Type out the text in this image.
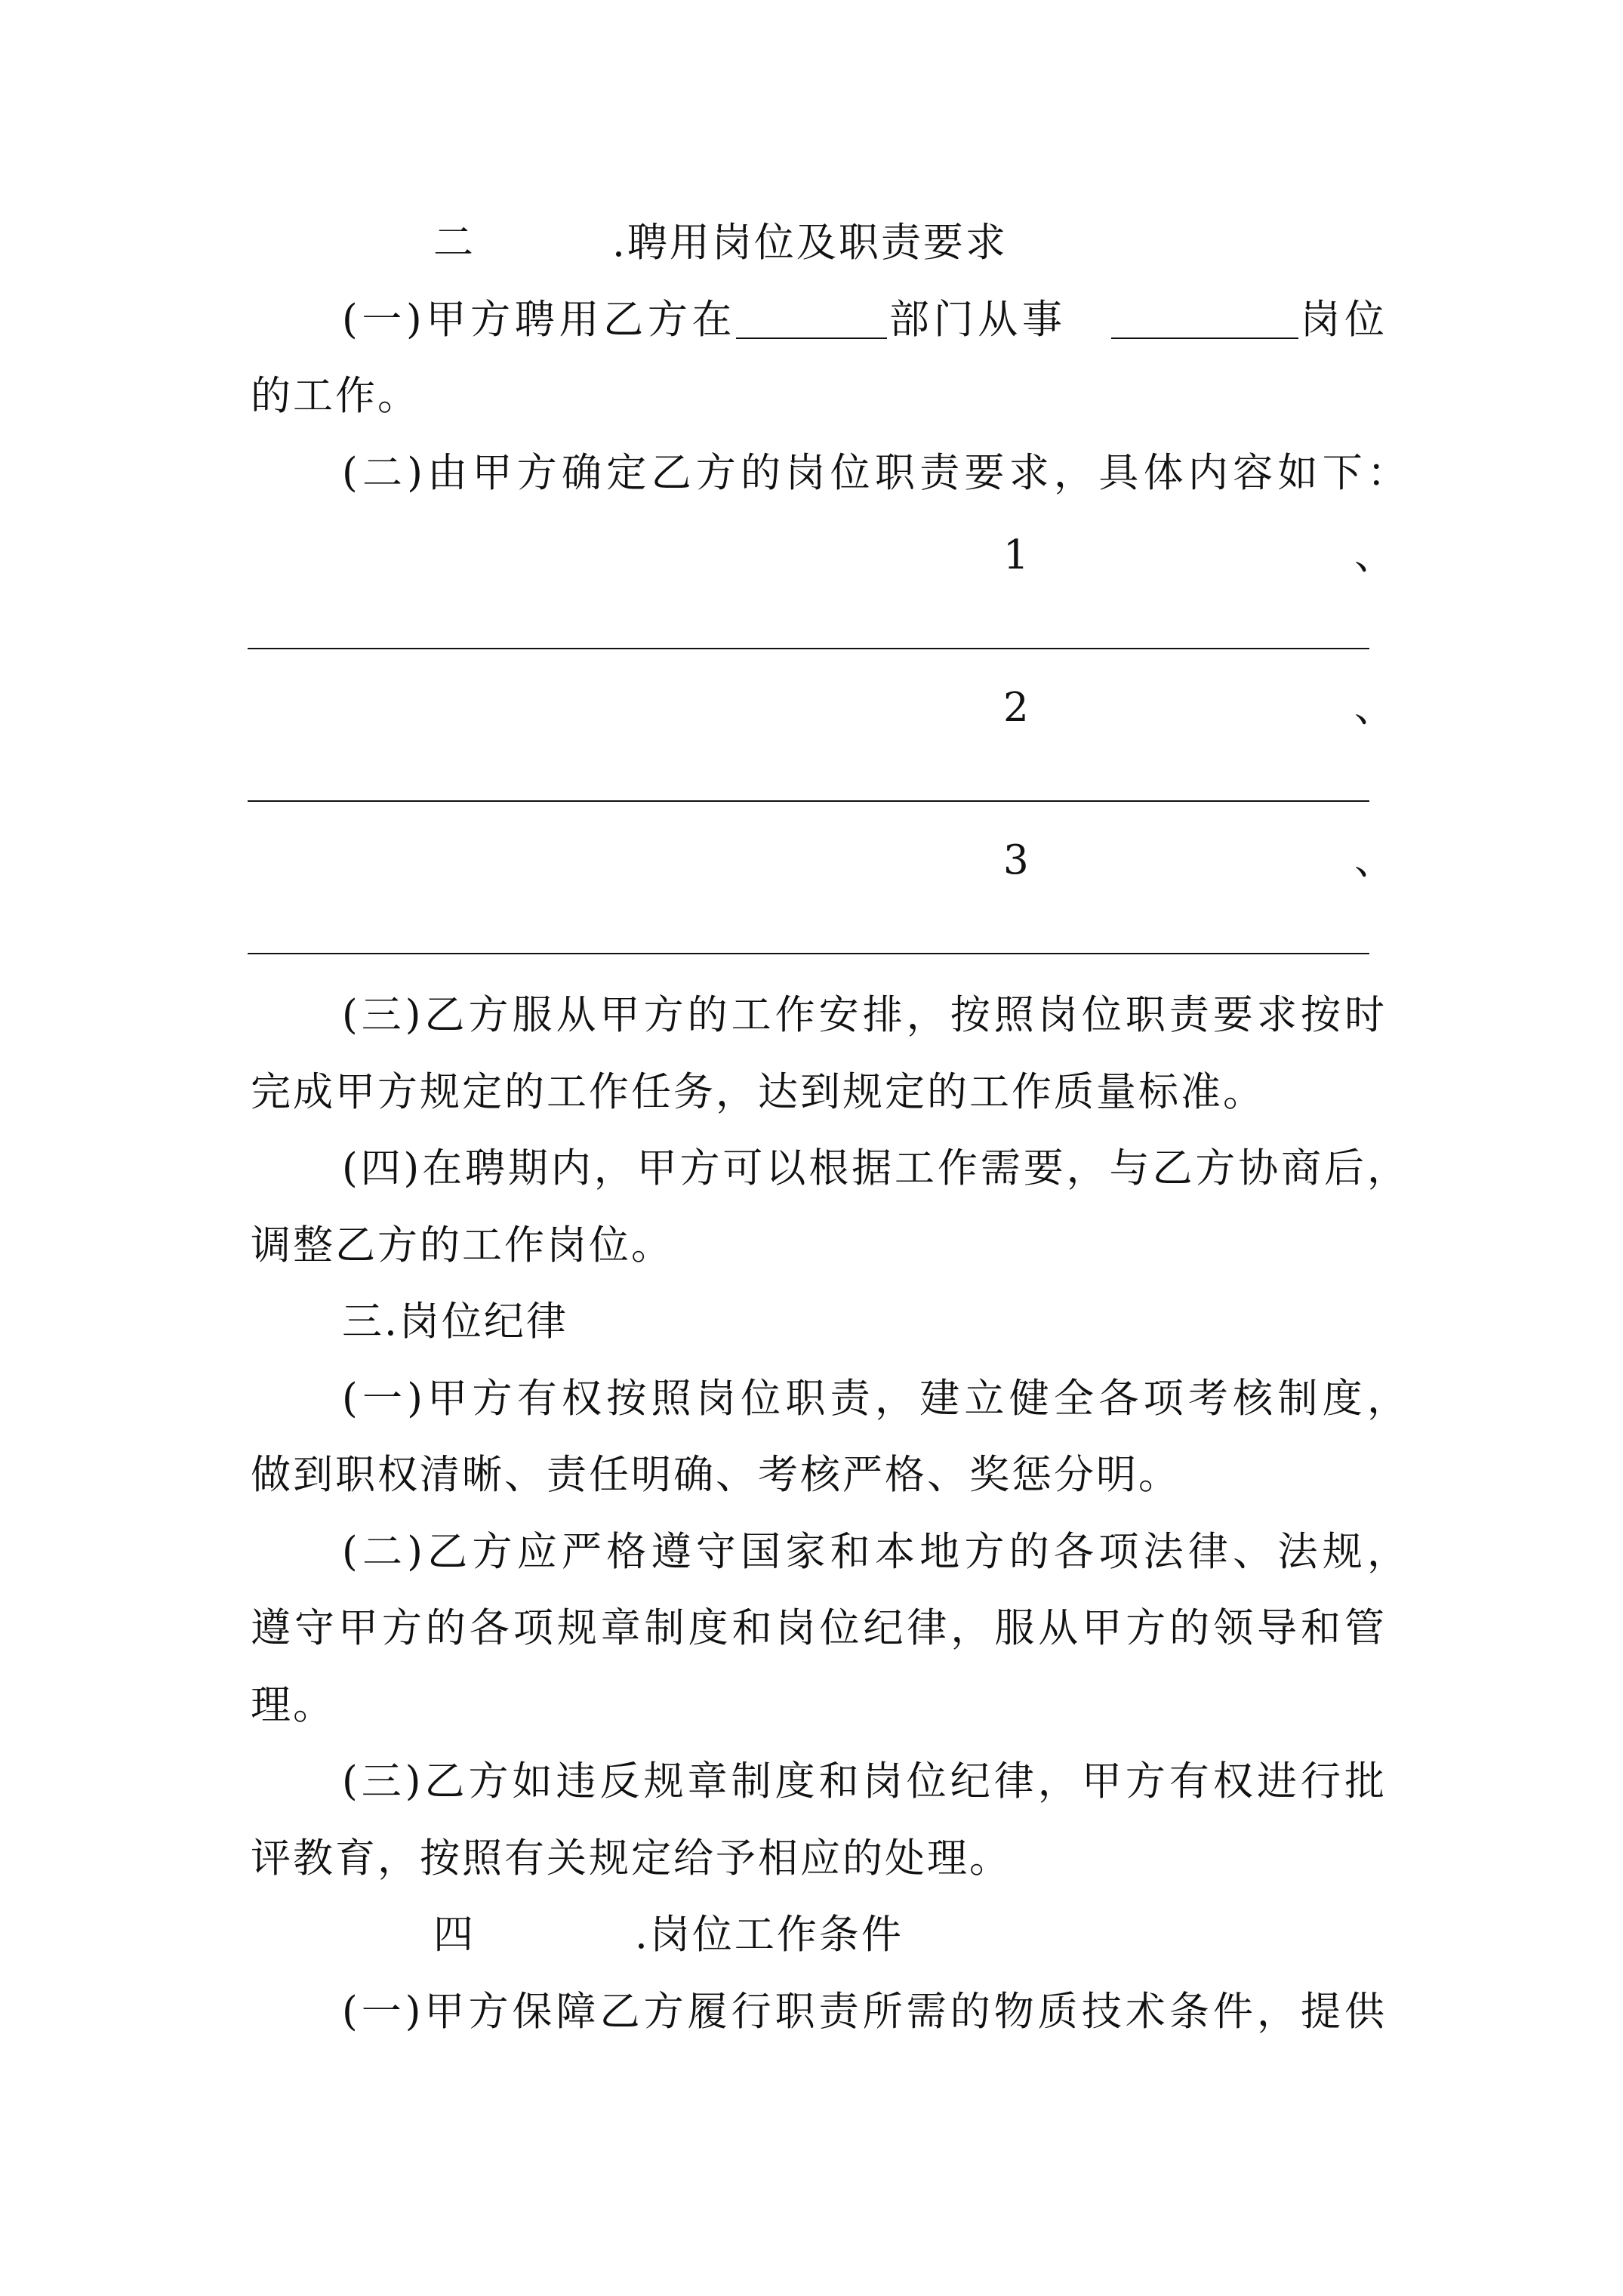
二	.聘用岗位及职责要求
(一)甲方聘用乙方在	部门从事	岗位
的工作。
(二)由甲方确定乙方的岗位职责要求，具体内容如下：
1	、
2	、
3	、
(三)乙方服从甲方的工作安排，按照岗位职责要求按时
完成甲方规定的工作任务，达到规定的工作质量标准。
(四)在聘期内，甲方可以根据工作需要，与乙方协商后，
调整乙方的工作岗位。
三.岗位纪律
(一)甲方有权按照岗位职责，建立健全各项考核制度，
做到职权清晰、责任明确、考核严格、奖惩分明。
(二)乙方应严格遵守国家和本地方的各项法律、法规，
遵守甲方的各项规章制度和岗位纪律，服从甲方的领导和管
理。
(三)乙方如违反规章制度和岗位纪律，甲方有权进行批
评教育，按照有关规定给予相应的处理。
四	.岗位工作条件
(一)甲方保障乙方履行职责所需的物质技术条件，提供
